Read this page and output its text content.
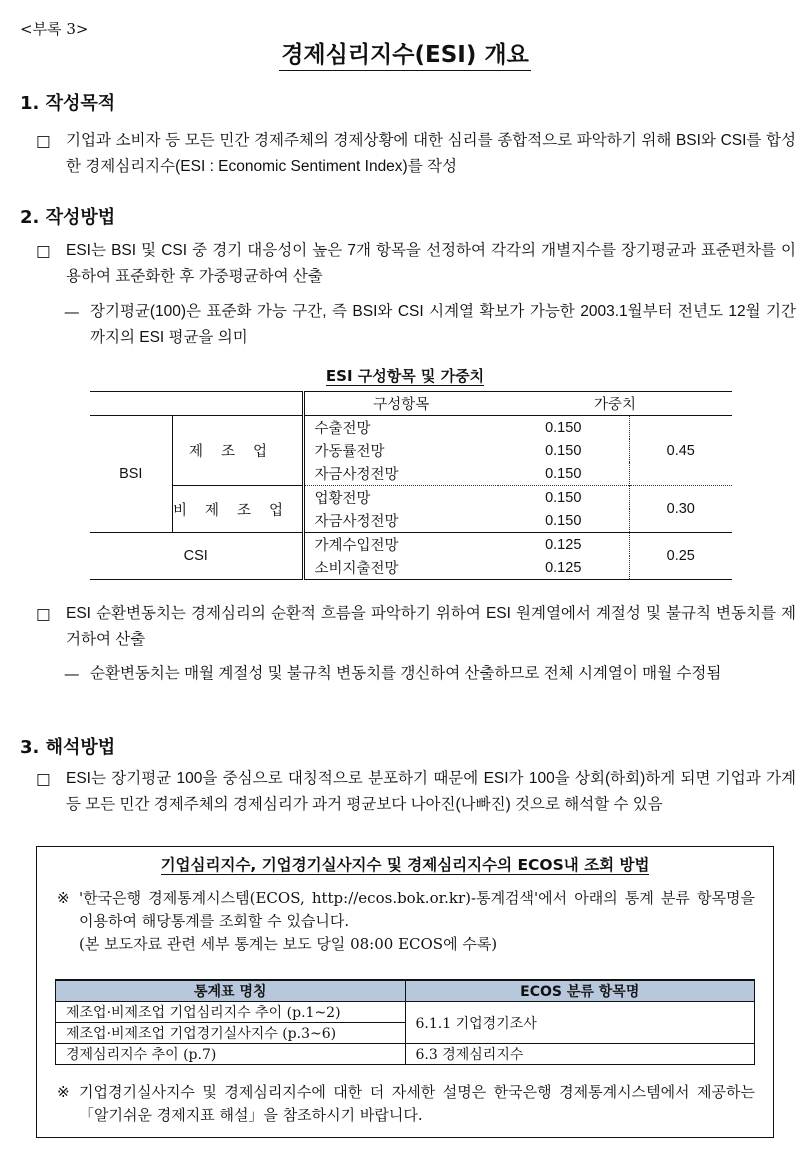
<부록 3>
경제심리지수(ESI) 개요
1. 작성목적
□ 기업과 소비자 등 모든 민간 경제주체의 경제상황에 대한 심리를 종합적으로 파악하기 위해 BSI와 CSI를 합성한 경제심리지수(ESI : Economic Sentiment Index)를 작성
2. 작성방법
□ ESI는 BSI 및 CSI 중 경기 대응성이 높은 7개 항목을 선정하여 각각의 개별지수를 장기평균과 표준편차를 이용하여 표준화한 후 가중평균하여 산출
— 장기평균(100)은 표준화 가능 구간, 즉 BSI와 CSI 시계열 확보가 가능한 2003.1월부터 전년도 12월 기간까지의 ESI 평균을 의미
ESI 구성항목 및 가중치
		구성항목	가중치	
BSI	제조업	수출전망	0.150	0.45
		가동률전망	0.150	
		자금사정전망	0.150	
	비제조업	업황전망	0.150	0.30
		자금사정전망	0.150	
CSI		가계수입전망	0.125	0.25
		소비지출전망	0.125	
□ ESI 순환변동치는 경제심리의 순환적 흐름을 파악하기 위하여 ESI 원계열에서 계절성 및 불규칙 변동치를 제거하여 산출
— 순환변동치는 매월 계절성 및 불규칙 변동치를 갱신하여 산출하므로 전체 시계열이 매월 수정됨
3. 해석방법
□ ESI는 장기평균 100을 중심으로 대칭적으로 분포하기 때문에 ESI가 100을 상회(하회)하게 되면 기업과 가계 등 모든 민간 경제주체의 경제심리가 과거 평균보다 나아진(나빠진) 것으로 해석할 수 있음
기업심리지수, 기업경기실사지수 및 경제심리지수의 ECOS내 조회 방법
※ '한국은행 경제통계시스템(ECOS, http://ecos.bok.or.kr)-통계검색'에서 아래의 통계 분류 항목명을 이용하여 해당통계를 조회할 수 있습니다.
(본 보도자료 관련 세부 통계는 보도 당일 08:00 ECOS에 수록)
통계표 명칭	ECOS 분류 항목명
제조업·비제조업 기업심리지수 추이 (p.1~2)	6.1.1 기업경기조사
제조업·비제조업 기업경기실사지수 (p.3~6)	
경제심리지수 추이 (p.7)	6.3 경제심리지수
※ 기업경기실사지수 및 경제심리지수에 대한 더 자세한 설명은 한국은행 경제통계시스템에서 제공하는「알기쉬운 경제지표 해설」을 참조하시기 바랍니다.
